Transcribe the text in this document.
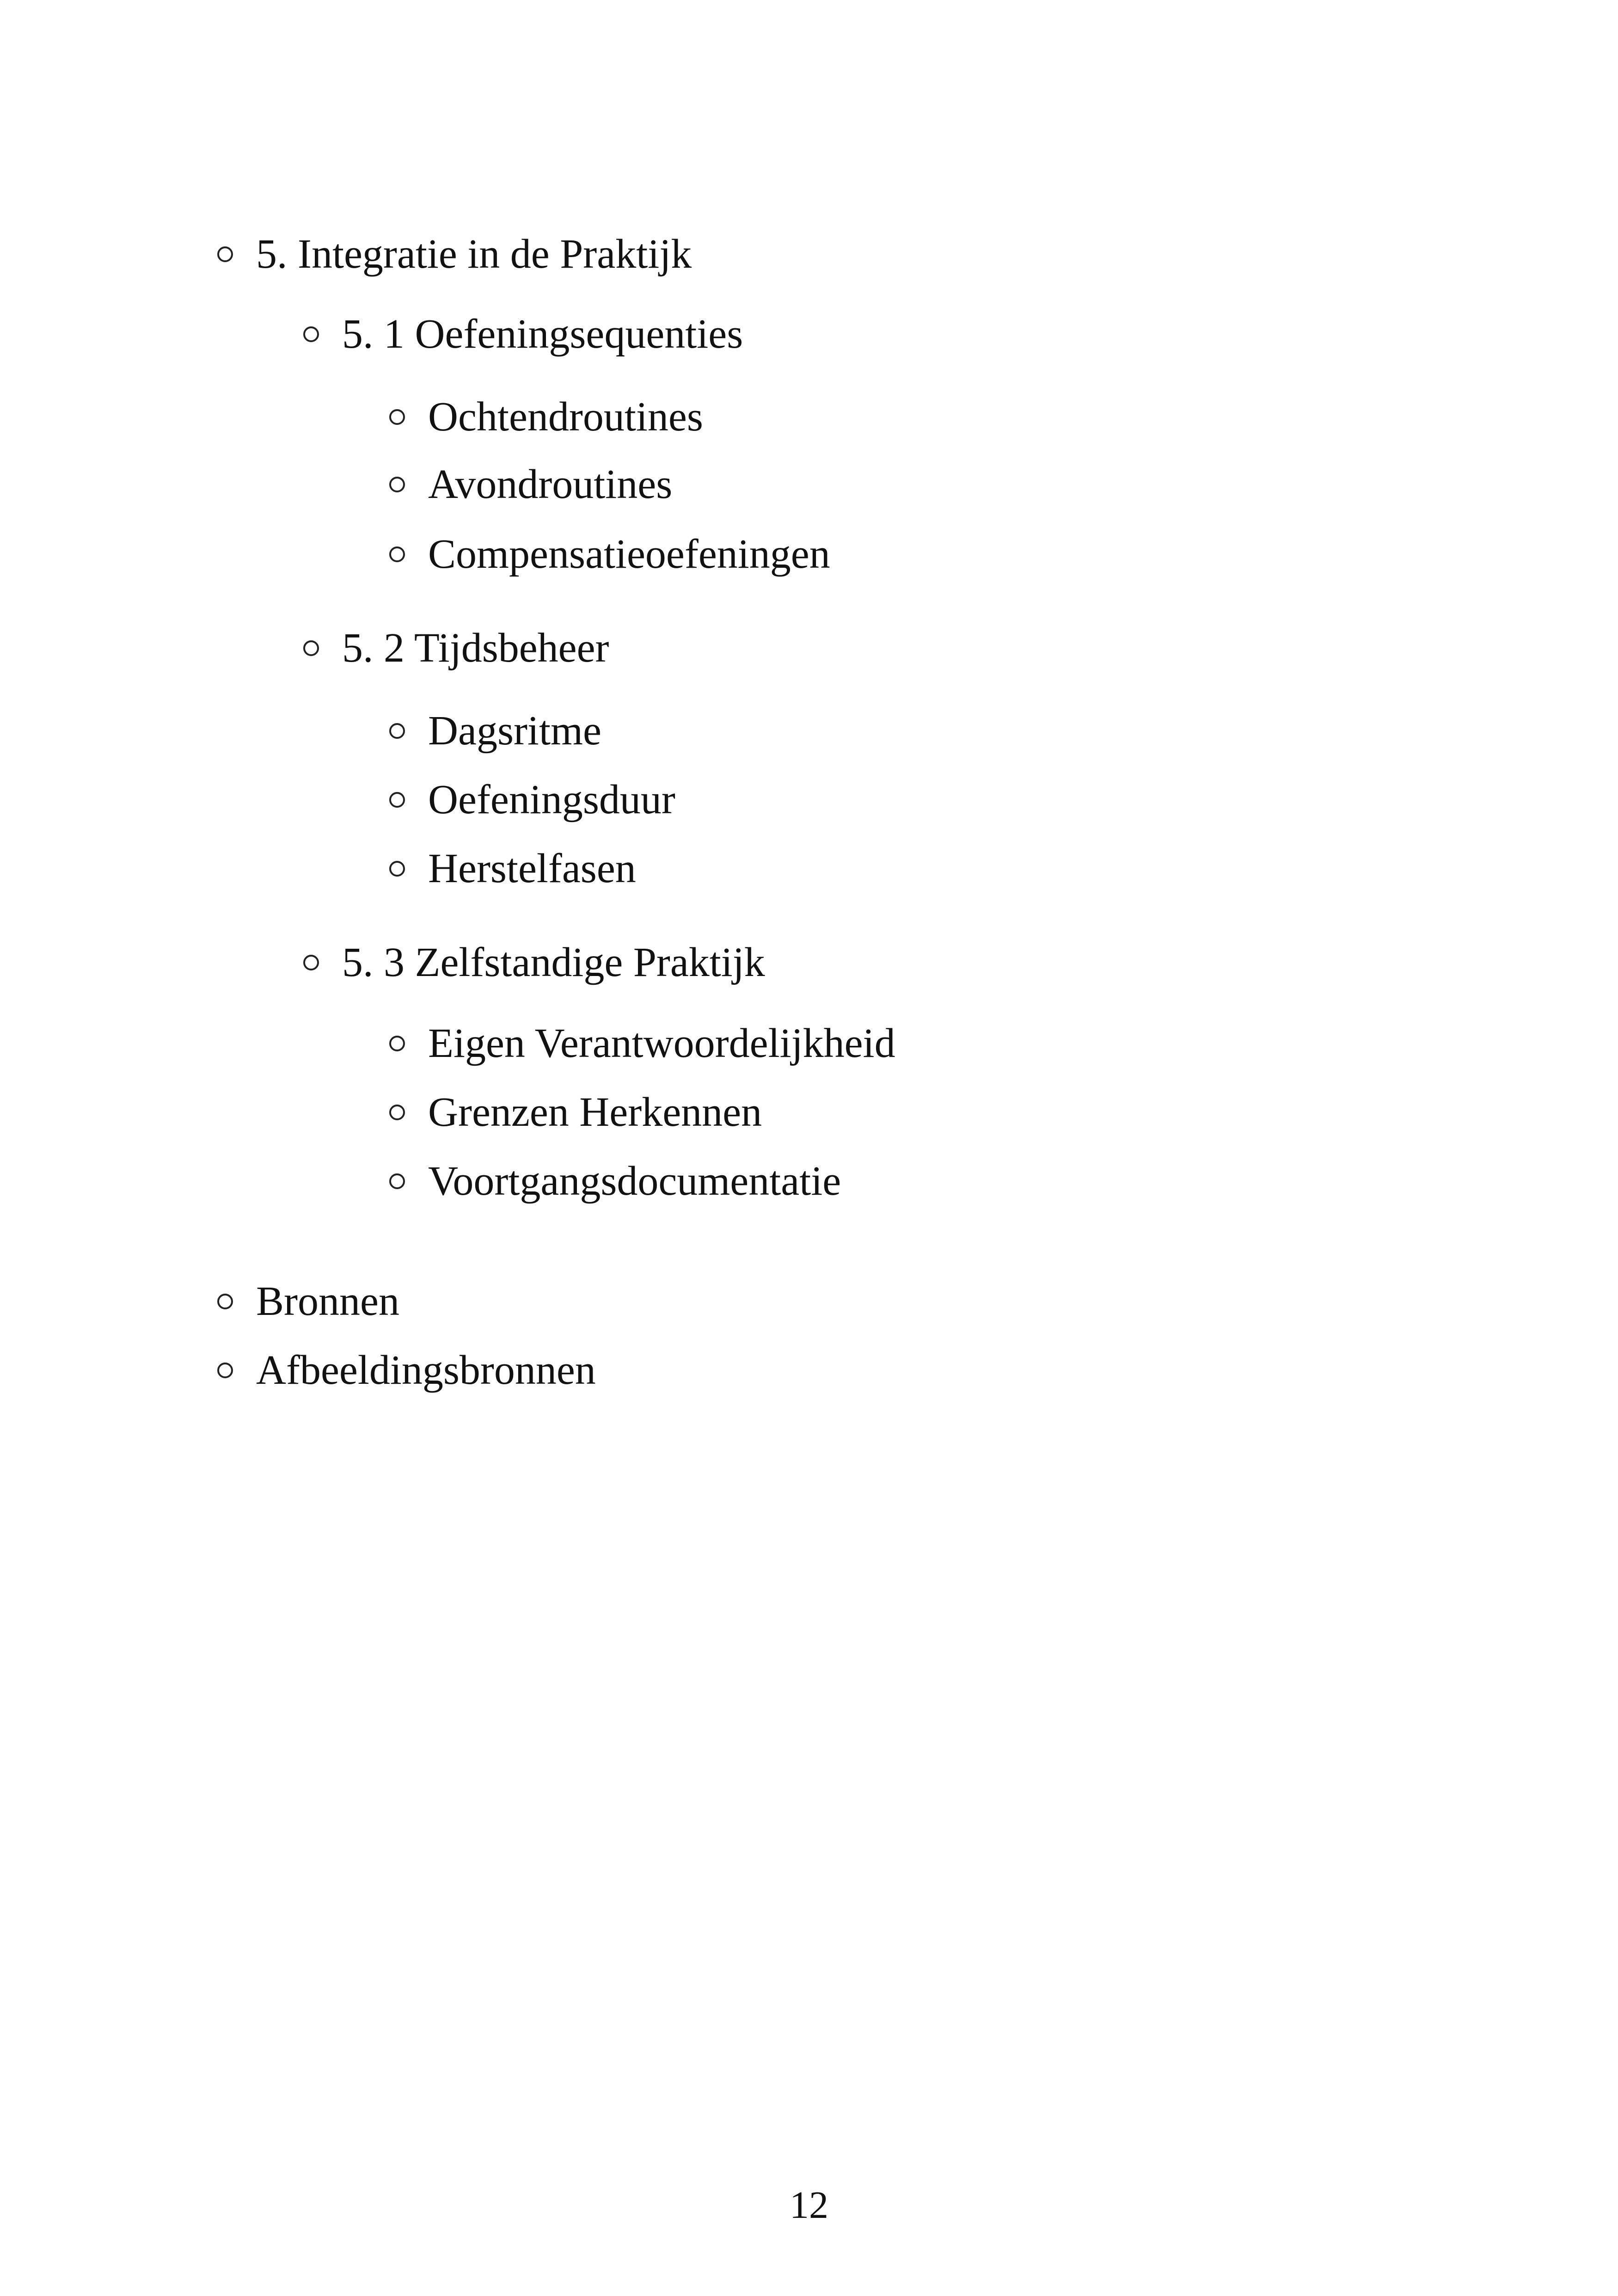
5. Integratie in de Praktijk
5. 1 Oefeningsequenties
Ochtendroutines
Avondroutines
Compensatieoefeningen
5. 2 Tijdsbeheer
Dagsritme
Oefeningsduur
Herstelfasen
5. 3 Zelfstandige Praktijk
Eigen Verantwoordelijkheid
Grenzen Herkennen
Voortgangsdocumentatie
Bronnen
Afbeeldingsbronnen
12
